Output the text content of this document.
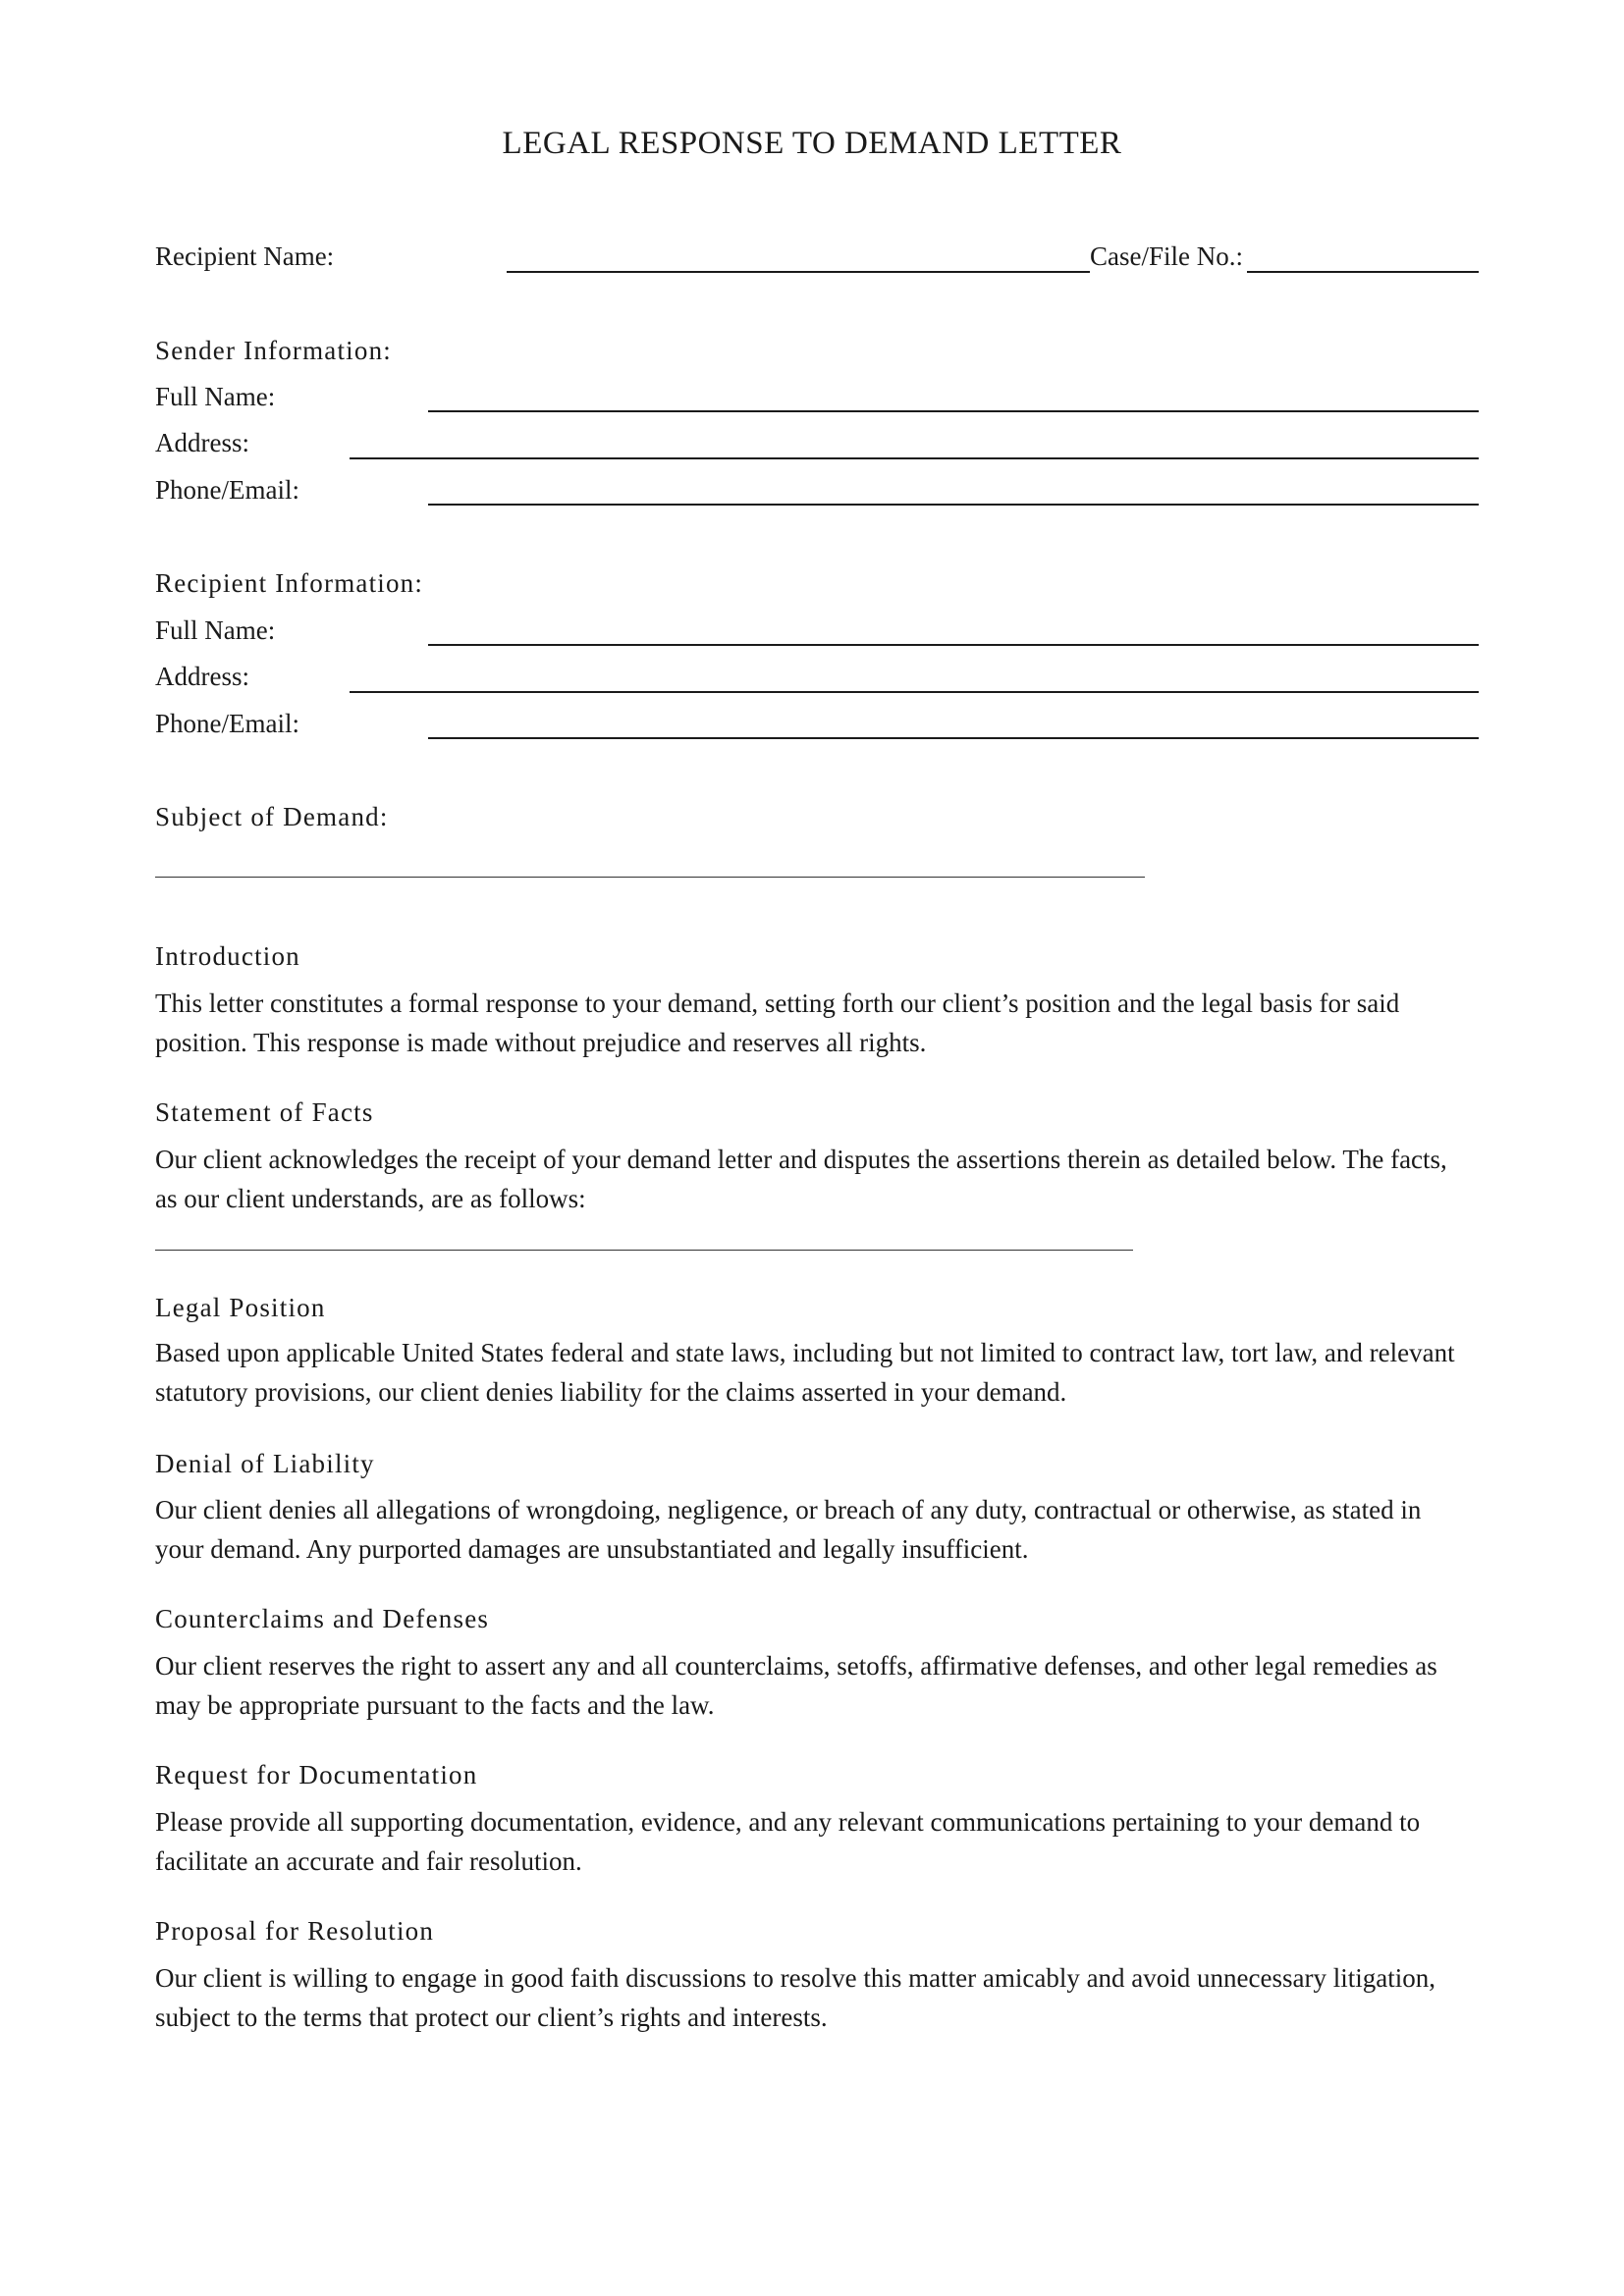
LEGAL RESPONSE TO DEMAND LETTER
Recipient Name:	Case/File No.:
Sender Information:
Full Name:
Address:
Phone/Email:
Recipient Information:
Full Name:
Address:
Phone/Email:
Subject of Demand:
Introduction
This letter constitutes a formal response to your demand, setting forth our client’s position and the legal basis for said position. This response is made without prejudice and reserves all rights.
Statement of Facts
Our client acknowledges the receipt of your demand letter and disputes the assertions therein as detailed below. The facts, as our client understands, are as follows:
Legal Position
Based upon applicable United States federal and state laws, including but not limited to contract law, tort law, and relevant statutory provisions, our client denies liability for the claims asserted in your demand.
Denial of Liability
Our client denies all allegations of wrongdoing, negligence, or breach of any duty, contractual or otherwise, as stated in your demand. Any purported damages are unsubstantiated and legally insufficient.
Counterclaims and Defenses
Our client reserves the right to assert any and all counterclaims, setoffs, affirmative defenses, and other legal remedies as may be appropriate pursuant to the facts and the law.
Request for Documentation
Please provide all supporting documentation, evidence, and any relevant communications pertaining to your demand to facilitate an accurate and fair resolution.
Proposal for Resolution
Our client is willing to engage in good faith discussions to resolve this matter amicably and avoid unnecessary litigation, subject to the terms that protect our client’s rights and interests.
